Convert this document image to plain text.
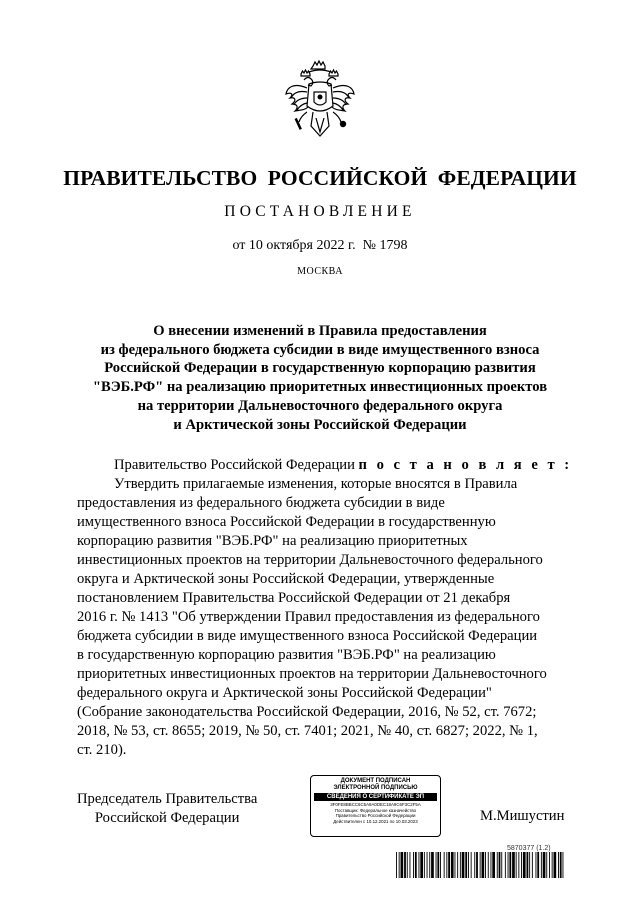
ПРАВИТЕЛЬСТВО РОССИЙСКОЙ ФЕДЕРАЦИИ
ПОСТАНОВЛЕНИЕ
от 10 октября 2022 г. № 1798
МОСКВА
О внесении изменений в Правила предоставления
из федерального бюджета субсидии в виде имущественного взноса
Российской Федерации в государственную корпорацию развития
"ВЭБ.РФ" на реализацию приоритетных инвестиционных проектов
на территории Дальневосточного федерального округа
и Арктической зоны Российской Федерации
Правительство Российской Федерации
п о с т а н о в л я е т :
Утвердить прилагаемые изменения, которые вносятся в Правила
предоставления из федерального бюджета субсидии в виде
имущественного взноса Российской Федерации в государственную
корпорацию развития "ВЭБ.РФ" на реализацию приоритетных
инвестиционных проектов на территории Дальневосточного федерального
округа и Арктической зоны Российской Федерации, утвержденные
постановлением Правительства Российской Федерации от 21 декабря
2016 г. № 1413 "Об утверждении Правил предоставления из федерального
бюджета субсидии в виде имущественного взноса Российской Федерации
в государственную корпорацию развития "ВЭБ.РФ" на реализацию
приоритетных инвестиционных проектов на территории Дальневосточного
федерального округа и Арктической зоны Российской Федерации"
(Собрание законодательства Российской Федерации, 2016, № 52, ст. 7672;
2018, № 53, ст. 8655; 2019, № 50, ст. 7401; 2021, № 40, ст. 6827; 2022, № 1,
ст. 210).
Председатель Правительства
Российской Федерации
ДОКУМЕНТ ПОДПИСАН
ЭЛЕКТРОННОЙ ПОДПИСЬЮ
СВЕДЕНИЯ О СЕРТИФИКАТЕ ЭП
3F0FE8BBCC6C5A9A0DEC18A9C6F3C2F5A
Поставщик: Федеральное казначейство
Правительство Российской Федерации
Действителен с 10.12.2021 по 10.03.2023	М.Мишустин
5870377 (1.2)
